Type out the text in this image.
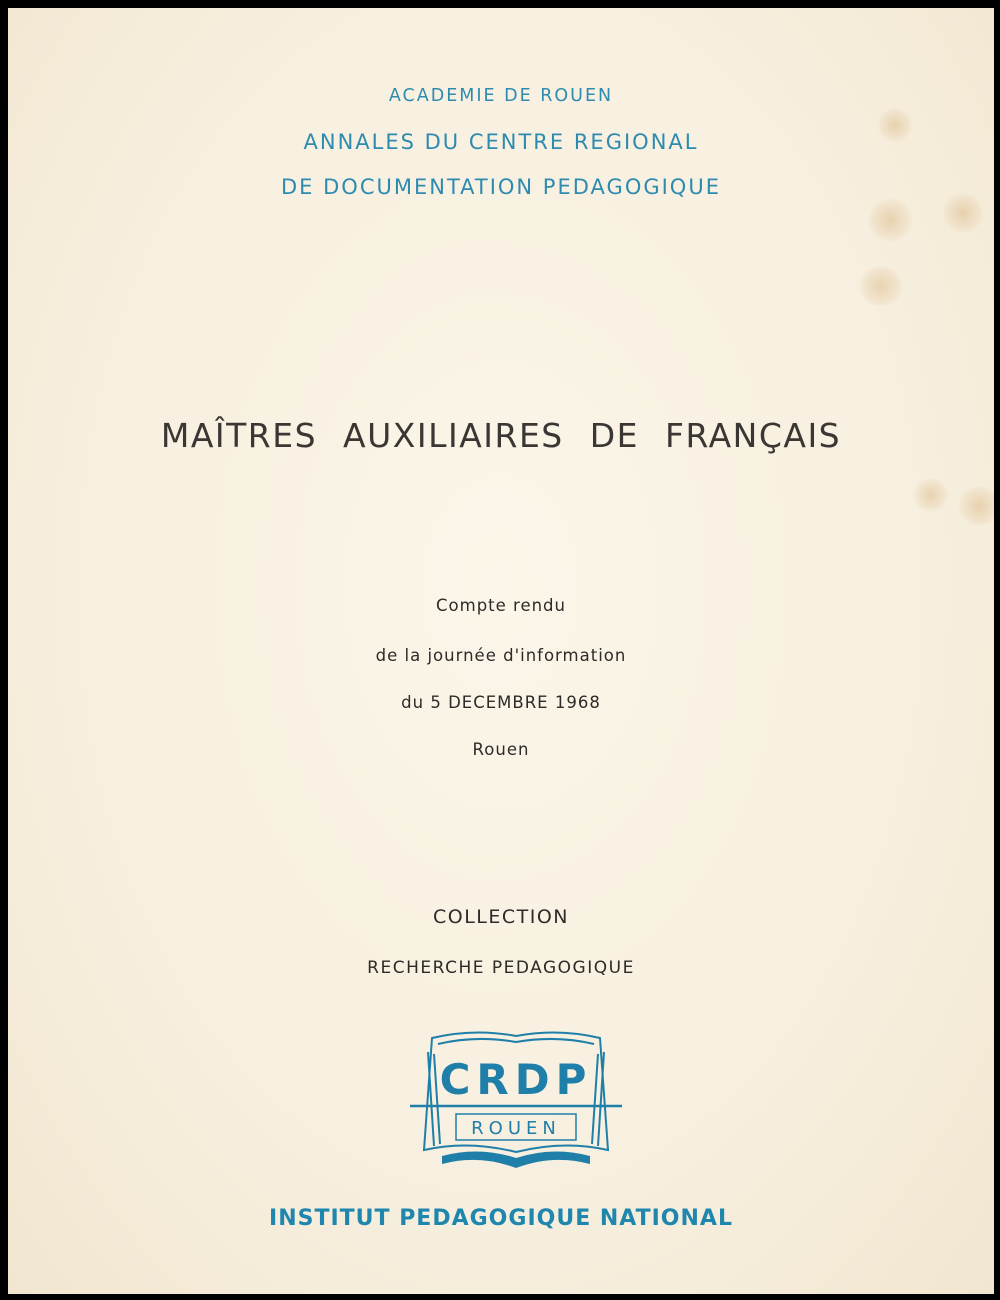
ACADEMIE DE ROUEN
ANNALES DU CENTRE REGIONAL
DE DOCUMENTATION PEDAGOGIQUE
MAÎTRES AUXILIAIRES DE FRANÇAIS
Compte rendu
de la journée d'information
du 5 DECEMBRE 1968
Rouen
COLLECTION
RECHERCHE PEDAGOGIQUE
CRDP
ROUEN
INSTITUT PEDAGOGIQUE NATIONAL
